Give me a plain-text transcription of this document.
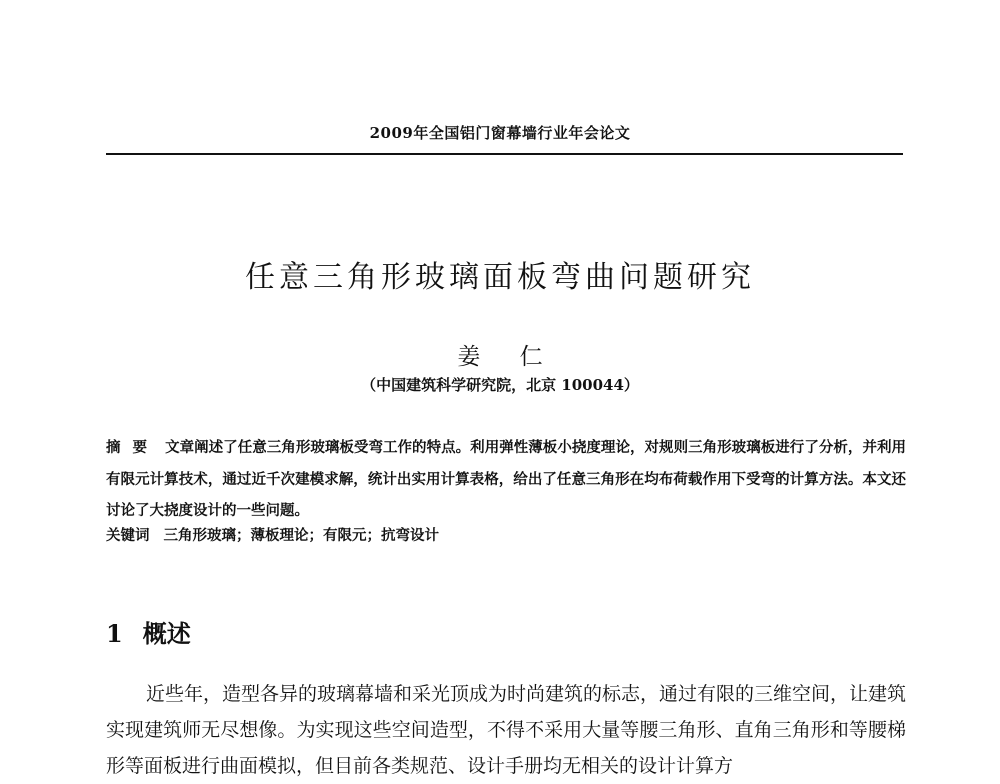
2009年全国铝门窗幕墙行业年会论文
任意三角形玻璃面板弯曲问题研究
姜 仁
（中国建筑科学研究院，北京 100044）
摘要 文章阐述了任意三角形玻璃板受弯工作的特点。利用弹性薄板小挠度理论，对规则三角形玻璃板进行了分析，并利用有限元计算技术，通过近千次建模求解，统计出实用计算表格，给出了任意三角形在均布荷载作用下受弯的计算方法。本文还讨论了大挠度设计的一些问题。
关键词 三角形玻璃；薄板理论；有限元；抗弯设计
1 概述

近些年，造型各异的玻璃幕墙和采光顶成为时尚建筑的标志，通过有限的三维空间，让建筑实现建筑师无尽想像。为实现这些空间造型，不得不采用大量等腰三角形、直角三角形和等腰梯形等面板进行曲面模拟，但目前各类规范、设计手册均无相关的设计计算方
